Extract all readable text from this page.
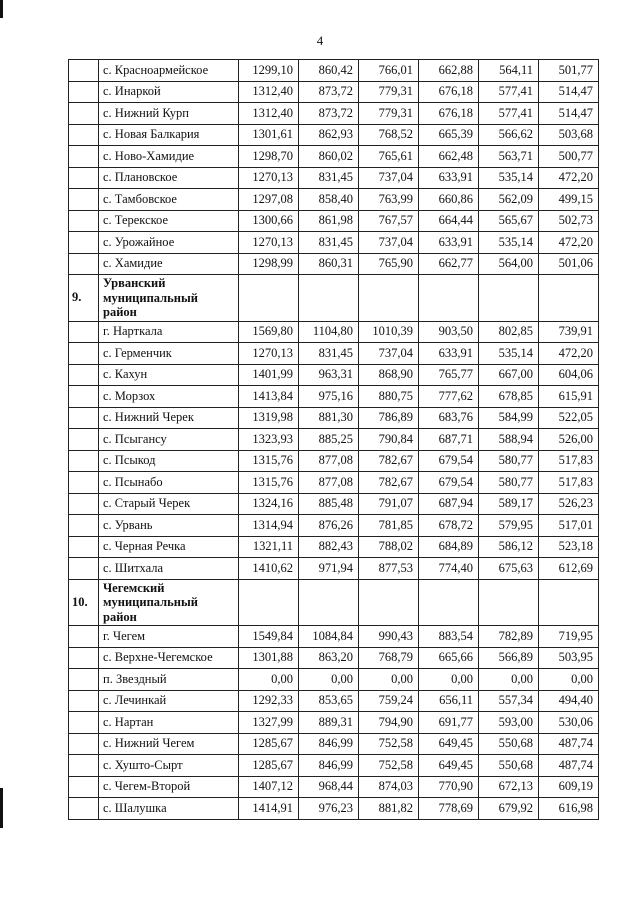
4
	с. Красноармейское	1299,10	860,42	766,01	662,88	564,11	501,77
	с. Инаркой	1312,40	873,72	779,31	676,18	577,41	514,47
	с. Нижний Курп	1312,40	873,72	779,31	676,18	577,41	514,47
	с. Новая Балкария	1301,61	862,93	768,52	665,39	566,62	503,68
	с. Ново-Хамидие	1298,70	860,02	765,61	662,48	563,71	500,77
	с. Плановское	1270,13	831,45	737,04	633,91	535,14	472,20
	с. Тамбовское	1297,08	858,40	763,99	660,86	562,09	499,15
	с. Терекское	1300,66	861,98	767,57	664,44	565,67	502,73
	с. Урожайное	1270,13	831,45	737,04	633,91	535,14	472,20
	с. Хамидие	1298,99	860,31	765,90	662,77	564,00	501,06
9.	Урванский муниципальный район						
	г. Нарткала	1569,80	1104,80	1010,39	903,50	802,85	739,91
	с. Герменчик	1270,13	831,45	737,04	633,91	535,14	472,20
	с. Кахун	1401,99	963,31	868,90	765,77	667,00	604,06
	с. Морзох	1413,84	975,16	880,75	777,62	678,85	615,91
	с. Нижний Черек	1319,98	881,30	786,89	683,76	584,99	522,05
	с. Псыгансу	1323,93	885,25	790,84	687,71	588,94	526,00
	с. Псыкод	1315,76	877,08	782,67	679,54	580,77	517,83
	с. Псынабо	1315,76	877,08	782,67	679,54	580,77	517,83
	с. Старый Черек	1324,16	885,48	791,07	687,94	589,17	526,23
	с. Урвань	1314,94	876,26	781,85	678,72	579,95	517,01
	с. Черная Речка	1321,11	882,43	788,02	684,89	586,12	523,18
	с. Шитхала	1410,62	971,94	877,53	774,40	675,63	612,69
10.	Чегемский муниципальный район						
	г. Чегем	1549,84	1084,84	990,43	883,54	782,89	719,95
	с. Верхне-Чегемское	1301,88	863,20	768,79	665,66	566,89	503,95
	п. Звездный	0,00	0,00	0,00	0,00	0,00	0,00
	с. Лечинкай	1292,33	853,65	759,24	656,11	557,34	494,40
	с. Нартан	1327,99	889,31	794,90	691,77	593,00	530,06
	с. Нижний Чегем	1285,67	846,99	752,58	649,45	550,68	487,74
	с. Хушто-Сырт	1285,67	846,99	752,58	649,45	550,68	487,74
	с. Чегем-Второй	1407,12	968,44	874,03	770,90	672,13	609,19
	с. Шалушка	1414,91	976,23	881,82	778,69	679,92	616,98
